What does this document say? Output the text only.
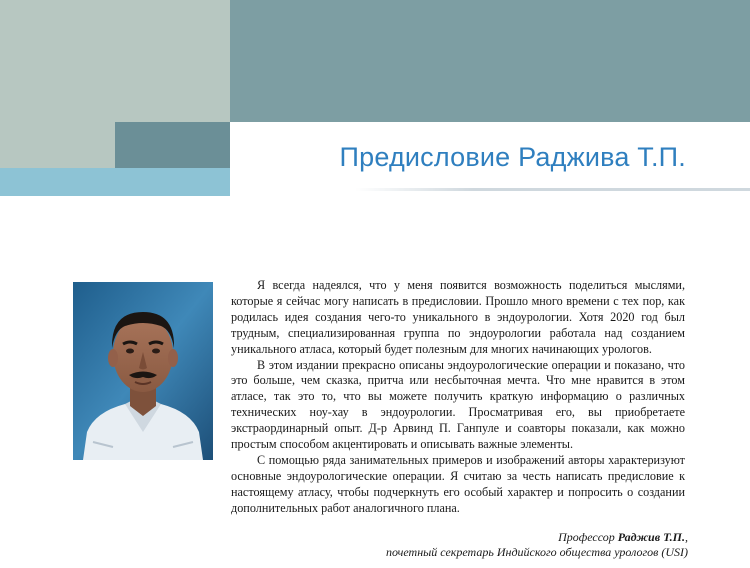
Предисловие Раджива Т.П.

Я всегда надеялся, что у меня появится возможность поделиться мыслями, которые я сейчас могу написать в предисловии. Прошло много времени с тех пор, как родилась идея создания чего-то уникального в эндоурологии. Хотя 2020 год был трудным, специализированная группа по эндоурологии работала над созданием уникального атласа, который будет полезным для многих начинающих урологов.

В этом издании прекрасно описаны эндоурологические операции и показано, что это больше, чем сказка, притча или несбыточная мечта. Что мне нравится в этом атласе, так это то, что вы можете получить краткую информацию о различных технических ноу-хау в эндоурологии. Просматривая его, вы приобретаете экстраординарный опыт. Д-р Арвинд П. Ганпуле и соавторы показали, как можно простым способом акцентировать и описывать важные элементы.

С помощью ряда занимательных примеров и изображений авторы характеризуют основные эндоурологические операции. Я считаю за честь написать предисловие к настоящему атласу, чтобы подчеркнуть его особый характер и попросить о создании дополнительных работ аналогичного плана.

Профессор Раджив Т.П.,
почетный секретарь Индийского общества урологов (USI)
